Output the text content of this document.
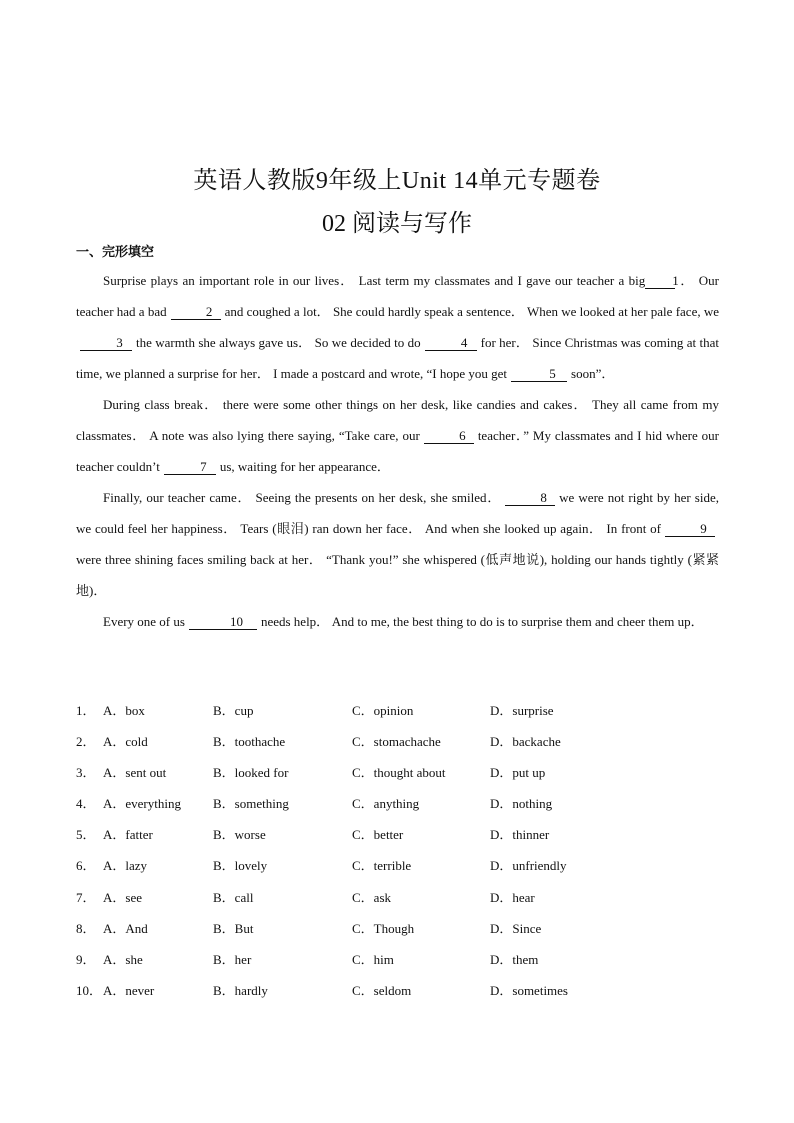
英语人教版9年级上Unit 14单元专题卷
02 阅读与写作
一、完形填空

Surprise plays an important role in our lives． Last term my classmates and I gave our teacher a big 1． Our teacher had a bad	2 and coughed a lot． She could hardly speak a sentence． When we looked at her pale face, we3 the warmth she always gave us． So we decided to do	4 for her． Since Christmas was coming at that time, we planned a surprise for her． I made a postcard and wrote, “I hope you get	5 soon”．

During class break． there were some other things on her desk, like candies and cakes． They all came from my classmates． A note was also lying there saying, “Take care, our	6 teacher．” My classmates and I hid where our teacher couldn’t	7 us, waiting for her appearance．

Finally, our teacher came． Seeing the presents on her desk, she smiled．	8 we were not right by her side, we could feel her happiness． Tears (眼泪) ran down her face． And when she looked up again． In front of	9were three shining faces smiling back at her． “Thank you!” she whispered (低声地说), holding our hands tightly (紧紧地)．

Every one of us	10 needs help． And to me, the best thing to do is to surprise them and cheer them up．

1． A．box	B．cup	C．opinion	D．surprise
2． A．cold	B．toothache	C．stomachache	D．backache
3． A．sent out	B．looked for	C．thought about	D．put up
4． A．everything B．something	C．anything	D．nothing
5． A．fatter	B．worse	C．better	D．thinner
6． A．lazy	B．lovely	C．terrible	D．unfriendly
7． A．see	B．call	C．ask	D．hear
8． A．And	B．But	C．Though	D．Since
9． A．she	B．her	C．him	D．them
10． A．never	B．hardly	C．seldom	D．sometimes
